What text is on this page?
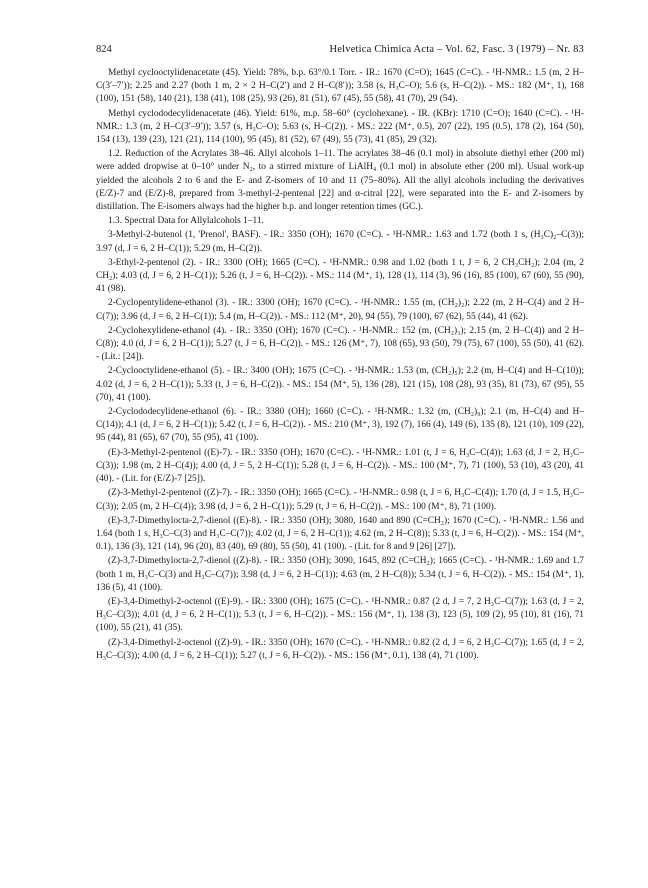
824	Helvetica Chimica Acta – Vol. 62, Fasc. 3 (1979) – Nr. 83

Methyl cyclooctylidenacetate (45). Yield: 78%, b.p. 63°/0.1 Torr. - IR.: 1670 (C=O); 1645 (C=C). - ¹H-NMR.: 1.5 (m, 2 H–C(3′–7′)); 2.25 and 2.27 (both 1 m, 2 × 2 H–C(2′) and 2 H–C(8′)); 3.58 (s, H₃C–O); 5.6 (s, H–C(2)). - MS.: 182 (M⁺, 1), 168 (100), 151 (58), 140 (21), 138 (41), 108 (25), 93 (26), 81 (51), 67 (45), 55 (58), 41 (70), 29 (54).

Methyl cyclododecylidenacetate (46). Yield: 61%, m.p. 58–60° (cyclohexane). - IR. (KBr): 1710 (C=O); 1640 (C=C). - ¹H-NMR.: 1.3 (m, 2 H–C(3′–9′)); 3.57 (s, H₃C–O); 5.63 (s, H–C(2)). - MS.: 222 (M⁺, 0.5), 207 (22), 195 (0.5), 178 (2), 164 (50), 154 (13), 139 (23), 121 (21), 114 (100), 95 (45), 81 (52), 67 (49), 55 (73), 41 (85), 29 (32).

1.2. Reduction of the Acrylates 38–46. Allyl alcohols 1–11. The acrylates 38–46 (0.1 mol) in absolute diethyl ether (200 ml) were added dropwise at 0–10° under N₂, to a stirred mixture of LiAlH₄ (0.1 mol) in absolute ether (200 ml). Usual work-up yielded the alcohols 2 to 6 and the E- and Z-isomers of 10 and 11 (75–80%). All the allyl alcohols including the derivatives (E/Z)-7 and (E/Z)-8, prepared from 3-methyl-2-pentenal [22] and α-citral [22], were separated into the E- and Z-isomers by distillation. The E-isomers always had the higher b.p. and longer retention times (GC.).

1.3. Spectral Data for Allylalcohols 1–11.

3-Methyl-2-butenol (1, 'Prenol', BASF). - IR.: 3350 (OH); 1670 (C=C). - ¹H-NMR.: 1.63 and 1.72 (both 1 s, (H₃C)₂–C(3)); 3.97 (d, J = 6, 2 H–C(1)); 5.29 (m, H–C(2)).

3-Ethyl-2-pentenol (2). - IR.: 3300 (OH); 1665 (C=C). - ¹H-NMR.: 0.98 and 1.02 (both 1 t, J = 6, 2 CH₃CH₂); 2.04 (m, 2 CH₂); 4.03 (d, J = 6, 2 H–C(1)); 5.26 (t, J = 6, H–C(2)). - MS.: 114 (M⁺, 1), 128 (1), 114 (3), 96 (16), 85 (100), 67 (60), 55 (90), 41 (98).

2-Cyclopentylidene-ethanol (3). - IR.: 3300 (OH); 1670 (C=C). - ¹H-NMR.: 1.55 (m, (CH₂)₂); 2.22 (m, 2 H–C(4) and 2 H–C(7)); 3.96 (d, J = 6, 2 H–C(1)); 5.4 (m, H–C(2)). - MS.: 112 (M⁺, 20), 94 (55), 79 (100), 67 (62), 55 (44), 41 (62).

2-Cyclohexylidene-ethanol (4). - IR.: 3350 (OH); 1670 (C=C). - ¹H-NMR.: 152 (m, (CH₂)₃); 2.15 (m, 2 H–C(4)) and 2 H–C(8)); 4.0 (d, J = 6, 2 H–C(1)); 5.27 (t, J = 6, H–C(2)). - MS.: 126 (M⁺, 7), 108 (65), 93 (50), 79 (75), 67 (100), 55 (50), 41 (62). - (Lit.: [24]).

2-Cyclooctylidene-ethanol (5). - IR.: 3400 (OH); 1675 (C=C). - ¹H-NMR.: 1.53 (m, (CH₂)₅); 2.2 (m, H–C(4) and H–C(10)); 4.02 (d, J = 6, 2 H–C(1)); 5.33 (t, J = 6, H–C(2)). - MS.: 154 (M⁺, 5), 136 (28), 121 (15), 108 (28), 93 (35), 81 (73), 67 (95), 55 (70), 41 (100).

2-Cyclododecylidene-ethanol (6). - IR.: 3380 (OH); 1660 (C=C). - ¹H-NMR.: 1.32 (m, (CH₂)₉); 2.1 (m, H–C(4) and H–C(14)); 4.1 (d, J = 6, 2 H–C(1)); 5.42 (t, J = 6, H–C(2)). - MS.: 210 (M⁺, 3), 192 (7), 166 (4), 149 (6), 135 (8), 121 (10), 109 (22), 95 (44), 81 (65), 67 (70), 55 (95), 41 (100).

(E)-3-Methyl-2-pentenol ((E)-7). - IR.: 3350 (OH); 1670 (C=C). - ¹H-NMR.: 1.01 (t, J = 6, H₃C–C(4)); 1.63 (d, J = 2, H₃C–C(3)); 1.98 (m, 2 H–C(4)); 4.00 (d, J = 5, 2 H–C(1)); 5.28 (t, J = 6, H–C(2)). - MS.: 100 (M⁺, 7), 71 (100), 53 (10), 43 (20), 41 (40). - (Lit. for (E/Z)-7 [25]).

(Z)-3-Methyl-2-pentenol ((Z)-7). - IR.: 3350 (OH); 1665 (C=C). - ¹H-NMR.: 0.98 (t, J = 6, H₃C–C(4)); 1.70 (d, J = 1.5, H₃C–C(3)); 2.05 (m, 2 H–C(4)); 3.98 (d, J = 6, 2 H–C(1)); 5.29 (t, J = 6, H–C(2)). - MS.: 100 (M⁺, 8), 71 (100).

(E)-3,7-Dimethylocta-2,7-dienol ((E)-8). - IR.: 3350 (OH); 3080, 1640 and 890 (C=CH₂); 1670 (C=C). - ¹H-NMR.: 1.56 and 1.64 (both 1 s, H₃C–C(3) and H₃C–C(7)); 4.02 (d, J = 6, 2 H–C(1)); 4.62 (m, 2 H–C(8)); 5.33 (t, J = 6, H–C(2)). - MS.: 154 (M⁺, 0.1), 136 (3), 121 (14), 96 (20), 83 (40), 69 (80), 55 (50), 41 (100). - (Lit. for 8 and 9 [26] [27]).

(Z)-3,7-Dimethylocta-2,7-dienol ((Z)-8). - IR.: 3350 (OH); 3090, 1645, 892 (C=CH₂); 1665 (C=C). - ¹H-NMR.: 1.69 and 1.7 (both 1 m, H₃C–C(3) and H₃C–C(7)); 3.98 (d, J = 6, 2 H–C(1)); 4.63 (m, 2 H–C(8)); 5.34 (t, J = 6, H–C(2)). - MS.: 154 (M⁺, 1), 136 (5), 41 (100).

(E)-3,4-Dimethyl-2-octenol ((E)-9). - IR.: 3300 (OH); 1675 (C=C). - ¹H-NMR.: 0.87 (2 d, J = 7, 2 H₃C–C(7)); 1.63 (d, J = 2, H₃C–C(3)); 4.01 (d, J = 6, 2 H–C(1)); 5.3 (t, J = 6, H–C(2)). - MS.: 156 (M⁺, 1), 138 (3), 123 (5), 109 (2), 95 (10), 81 (16), 71 (100), 55 (21), 41 (35).

(Z)-3,4-Dimethyl-2-octenol ((Z)-9). - IR.: 3350 (OH); 1670 (C=C). - ¹H-NMR.: 0.82 (2 d, J = 6, 2 H₃C–C(7)); 1.65 (d, J = 2, H₃C–C(3)); 4.00 (d, J = 6, 2 H–C(1)); 5.27 (t, J = 6, H–C(2)). - MS.: 156 (M⁺, 0.1), 138 (4), 71 (100).
